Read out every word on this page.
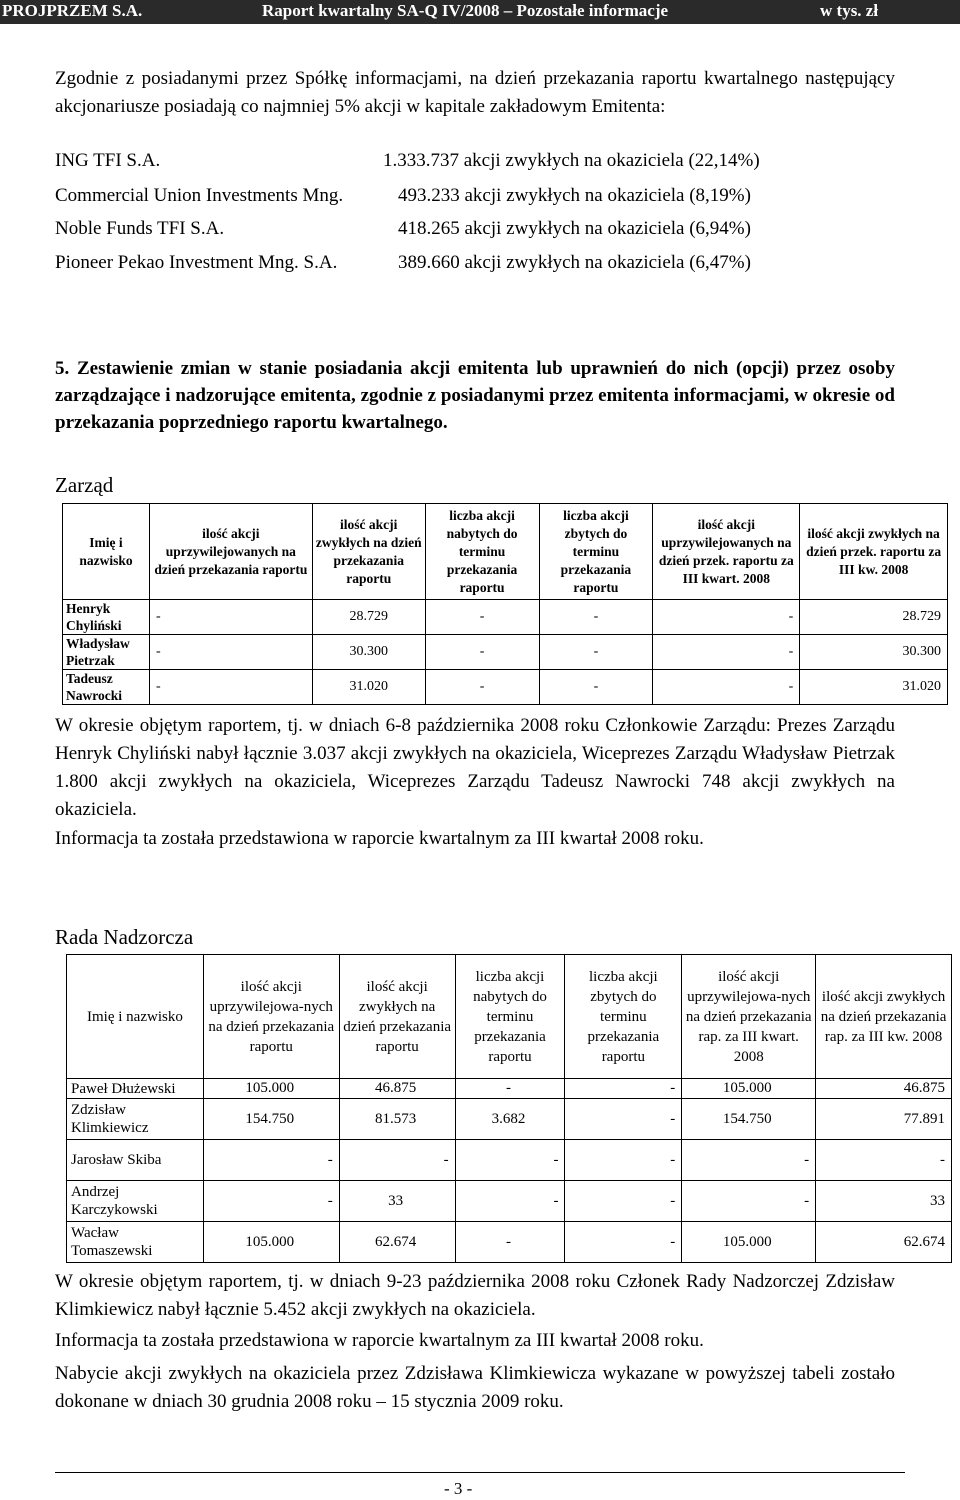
PROJPRZEM S.A.	Raport kwartalny SA-Q IV/2008 – Pozostałe informacje	w tys. zł
Zgodnie z posiadanymi przez Spółkę informacjami, na dzień przekazania raportu kwartalnego następujący akcjonariusze posiadają co najmniej 5% akcji w kapitale zakładowym Emitenta:
ING TFI S.A.	1.333.737 akcji zwykłych na okaziciela (22,14%)
Commercial Union Investments Mng.	493.233 akcji zwykłych na okaziciela (8,19%)
Noble Funds TFI S.A.	418.265 akcji zwykłych na okaziciela (6,94%)
Pioneer Pekao Investment Mng. S.A.	389.660 akcji zwykłych na okaziciela (6,47%)
5. Zestawienie zmian w stanie posiadania akcji emitenta lub uprawnień do nich (opcji) przez osoby zarządzające i nadzorujące emitenta, zgodnie z posiadanymi przez emitenta informacjami, w okresie od przekazania poprzedniego raportu kwartalnego.
Zarząd
Imię i nazwisko	ilość akcji uprzywilejowanych na dzień przekazania raportu	ilość akcji zwykłych na dzień przekazania raportu	liczba akcji nabytych do terminu przekazania raportu	liczba akcji zbytych do terminu przekazania raportu	ilość akcji uprzywilejowanych na dzień przek. raportu za III kwart. 2008	ilość akcji zwykłych na dzień przek. raportu za III kw. 2008
Henryk Chyliński	-	28.729	-	-	-	28.729
Władysław Pietrzak	-	30.300	-	-	-	30.300
Tadeusz Nawrocki	-	31.020	-	-	-	31.020
W okresie objętym raportem, tj. w dniach 6-8 października 2008 roku Członkowie Zarządu: Prezes Zarządu Henryk Chyliński nabył łącznie 3.037 akcji zwykłych na okaziciela, Wiceprezes Zarządu Władysław Pietrzak 1.800 akcji zwykłych na okaziciela, Wiceprezes Zarządu Tadeusz Nawrocki 748 akcji zwykłych na okaziciela.
Informacja ta została przedstawiona w raporcie kwartalnym za III kwartał 2008 roku.
Rada Nadzorcza
Imię i nazwisko	ilość akcji uprzywilejowa-nych na dzień przekazania raportu	ilość akcji zwykłych na dzień przekazania raportu	liczba akcji nabytych do terminu przekazania raportu	liczba akcji zbytych do terminu przekazania raportu	ilość akcji uprzywilejowa-nych na dzień przekazania rap. za III kwart. 2008	ilość akcji zwykłych na dzień przekazania rap. za III kw. 2008
Paweł Dłużewski	105.000	46.875	-	-	105.000	46.875
Zdzisław Klimkiewicz	154.750	81.573	3.682	-	154.750	77.891
Jarosław Skiba	-	-	-	-	-	-
Andrzej Karczykowski	-	33	-	-	-	33
Wacław Tomaszewski	105.000	62.674	-	-	105.000	62.674
W okresie objętym raportem, tj. w dniach 9-23 października 2008 roku Członek Rady Nadzorczej Zdzisław Klimkiewicz nabył łącznie 5.452 akcji zwykłych na okaziciela.
Informacja ta została przedstawiona w raporcie kwartalnym za III kwartał 2008 roku.
Nabycie akcji zwykłych na okaziciela przez Zdzisława Klimkiewicza wykazane w powyższej tabeli zostało dokonane w dniach 30 grudnia 2008 roku – 15 stycznia 2009 roku.
- 3 -
